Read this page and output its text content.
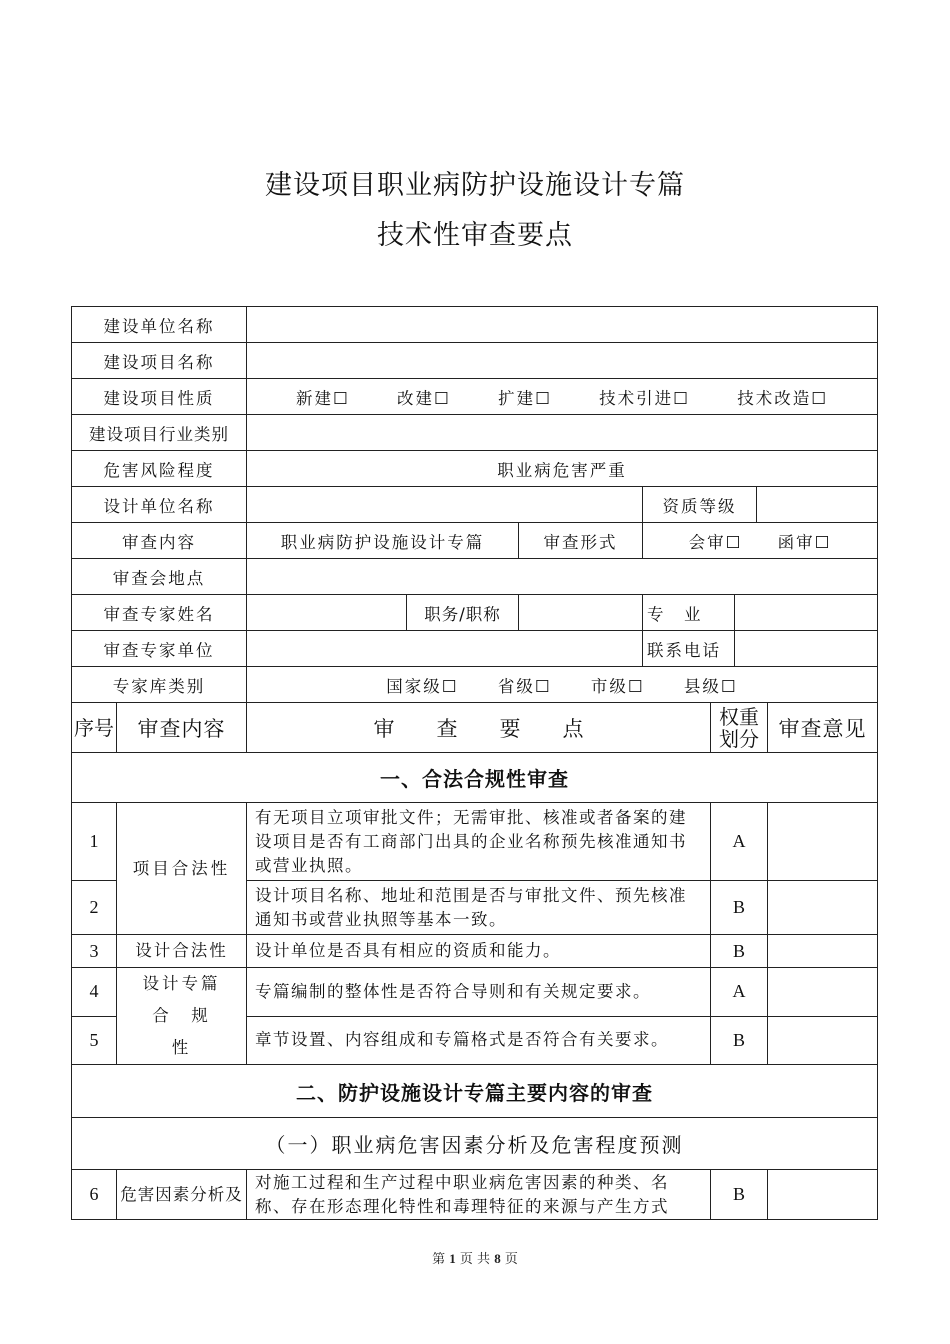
建设项目职业病防护设施设计专篇
技术性审查要点
建设单位名称						
建设项目名称						
建设项目性质	新建☐ 改建☐ 扩建☐ 技术引进☐ 技术改造☐					
建设项目行业类别						
危害风险程度	职业病危害严重					
设计单位名称				资质等级		
审查内容	职业病防护设施设计专篇		审查形式	会审☐ 函审☐		
审查会地点						
审查专家姓名		职务/职称		专　业		
审查专家单位				联系电话		
专家库类别	国家级☐ 省级☐ 市级☐ 县级☐					
序号	审查内容	审　　查　　要　　点	权重划分	审查意见
一、合法合规性审查				
1	项目合法性	有无项目立项审批文件；无需审批、核准或者备案的建设项目是否有工商部门出具的企业名称预先核准通知书或营业执照。	A	
2		设计项目名称、地址和范围是否与审批文件、预先核准通知书或营业执照等基本一致。	B	
3	设计合法性	设计单位是否具有相应的资质和能力。	B	
4	设计专篇合　规　性	专篇编制的整体性是否符合导则和有关规定要求。	A	
5		章节设置、内容组成和专篇格式是否符合有关要求。	B	
二、防护设施设计专篇主要内容的审查				
（一）职业病危害因素分析及危害程度预测				
6	危害因素分析及	对施工过程和生产过程中职业病危害因素的种类、名称、存在形态理化特性和毒理特征的来源与产生方式	B	
第 1 页 共 8 页
